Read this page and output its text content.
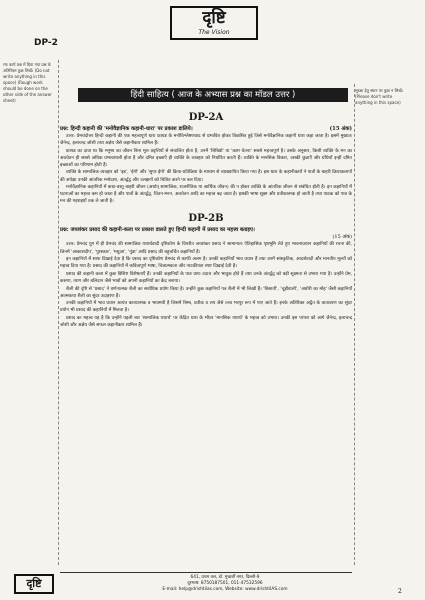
दृष्टि
The Vision
DP-2
रफ कार्य प्रश्न में दिया गया प्रश्न के अतिरिक्त कुछ लिखें। (Do not write anything in this space) (Rough work should be done on the other side of the answer sheet)
सुरक्षा हेतु स्थान पर कुछ न लिखें। (Please don't write anything in this space)
हिंदी साहित्य ( आज के अभ्यास प्रश्न का मॉडल उत्तर )
DP-2A
प्रश्न: हिन्दी कहानी की 'मनोवैज्ञानिक कहानी-धारा' पर प्रकाश डालिये।	(15 अंक)

उत्तर: प्रेमचंदोत्तर हिन्दी कहानी की एक महत्त्वपूर्ण धारा फ्रायड के मनोविश्लेषणवाद से प्रभावित होकर विकसित हुई जिसे मनोवैज्ञानिक कहानी धारा कहा जाता है। इसमें मुख्यतः जैनेन्द्र, इलाचन्द्र जोशी तथा अज्ञेय जैसे कहानीकार शामिल हैं।

फ्रायड का दावा था कि मनुष्य का जीवन बिना मूल प्रवृत्तियों से संचालित होता है, उनमें 'लिबिडो' या 'काम चेतना' सबसे महत्त्वपूर्ण है। उसके अनुसार, किसी व्यक्ति के मन का अवचेतन ही सबसे अधिक प्रभावशाली होता है और दमित इच्छाएँ ही व्यक्ति के व्यवहार को निर्धारित करती हैं। व्यक्ति के मानसिक विकार, उसकी कुंठाएँ और ग्रंथियाँ इन्हीं दमित इच्छाओं का परिणाम होती हैं।

व्यक्ति के सामाजिक व्यवहार को 'इड', 'ईगो' और 'सुपर ईगो' की क्रिया-प्रतिक्रिया के माध्यम से व्याख्यायित किया गया है। इस धारा के कहानीकारों ने पात्रों के बाहरी क्रियाकलापों की अपेक्षा उनकी आंतरिक मनोदशा, अंतर्द्वंद्व और उलझनों को चित्रित करने पर बल दिया।

मनोवैज्ञानिक कहानियों में कथा-वस्तु बाहरी जीवन (अर्थात् सामाजिक, राजनीतिक या आर्थिक जीवन) की न होकर व्यक्ति के आंतरिक जीवन से संबंधित होती है। इन कहानियों में घटनाओं का महत्त्व कम हो जाता है और पात्रों के अंतर्द्वंद्व, चिंतन-मनन, अवचेतन आदि का महत्त्व बढ़ जाता है। इसकी भाषा सूक्ष्म और प्रतीकात्मक हो जाती है तथा पाठक को पात्र के मन की गहराइयों तक ले जाती है।

DP-2B
प्रश्न: जयशंकर प्रसाद की कहानी-कला पर प्रकाश डालते हुए हिन्दी कहानी में प्रसाद का महत्त्व बताइए।
(15 अंक)

उत्तर: प्रेमचंद युग में ही प्रेमचंद की सामाजिक यथार्थवादी दृष्टिकोण के विपरीत जयशंकर प्रसाद ने सामान्यतः ऐतिहासिक पृष्ठभूमि लेते हुए भावनाप्रधान कहानियों की रचना की, जिनमें 'आकाशदीप', 'पुरस्कार', 'मधुआ', 'गुंडा' आदि प्रसाद की बहुचर्चित कहानियाँ हैं।

इन कहानियों में साफ दिखाई देता है कि प्रसाद का दृष्टिकोण प्रेमचंद से काफी अलग है। उनकी कहानियाँ भाव प्रधान हैं तथा उनमें सांस्कृतिक, आदर्शवादी और मानवीय मूल्यों को महत्त्व दिया गया है। प्रसाद की कहानियों में कवित्वपूर्ण भाषा, चित्रात्मकता और नाटकीयता स्पष्ट दिखाई देती है।

प्रसाद की कहानी कला में कुछ विशिष्ट विशेषताएँ हैं। उनकी कहानियों के पात्र प्रायः उदात्त और भावुक होते हैं तथा उनके अंतर्द्वंद्व को बड़ी सूक्ष्मता से उभारा गया है। उन्होंने प्रेम, करुणा, त्याग और बलिदान जैसे भावों को अपनी कहानियों का केंद्र बनाया।

शैली की दृष्टि से 'प्रसाद' ने वर्णनात्मक शैली का सर्वाधिक प्रयोग किया है। उन्होंने कुछ कहानियाँ पत्र शैली में भी लिखी हैं। 'विसाती', 'चूड़ीवाली', 'अघोरी का मोह' जैसी कहानियाँ आत्मकथा शैली का सुंदर उदाहरण हैं।

उनकी कहानियों में भाव प्रधान अत्यंत काव्यात्मक व भावमयी है जिसमें बिम्ब, प्रतीक व लय जैसे तत्त्व भरपूर रूप में पाए जाते हैं। इनके अतिरिक्त अद्वैत के वातावरण का सुंदर प्रयोग भी प्रसाद की कहानियों में मिलता है।

प्रसाद का महत्त्व यह है कि उन्होंने पहली बार 'सामाजिक यथार्थ' पर केंद्रित धारा के भीतर 'मानसिक यथार्थ' के महत्त्व को उभारा। उनकी इस परंपरा को आगे जैनेन्द्र, इलाचन्द्र जोशी और अज्ञेय जैसे सफल कहानीकार शामिल हैं।

दृष्टि	641, प्रथम तल, डॉ. मुखर्जी नगर, दिल्ली-9
दूरभाष: 8750187501, 011-47532596
E-mail: help@drishtiias.com, Website: www.drishtiIAS.com	2
